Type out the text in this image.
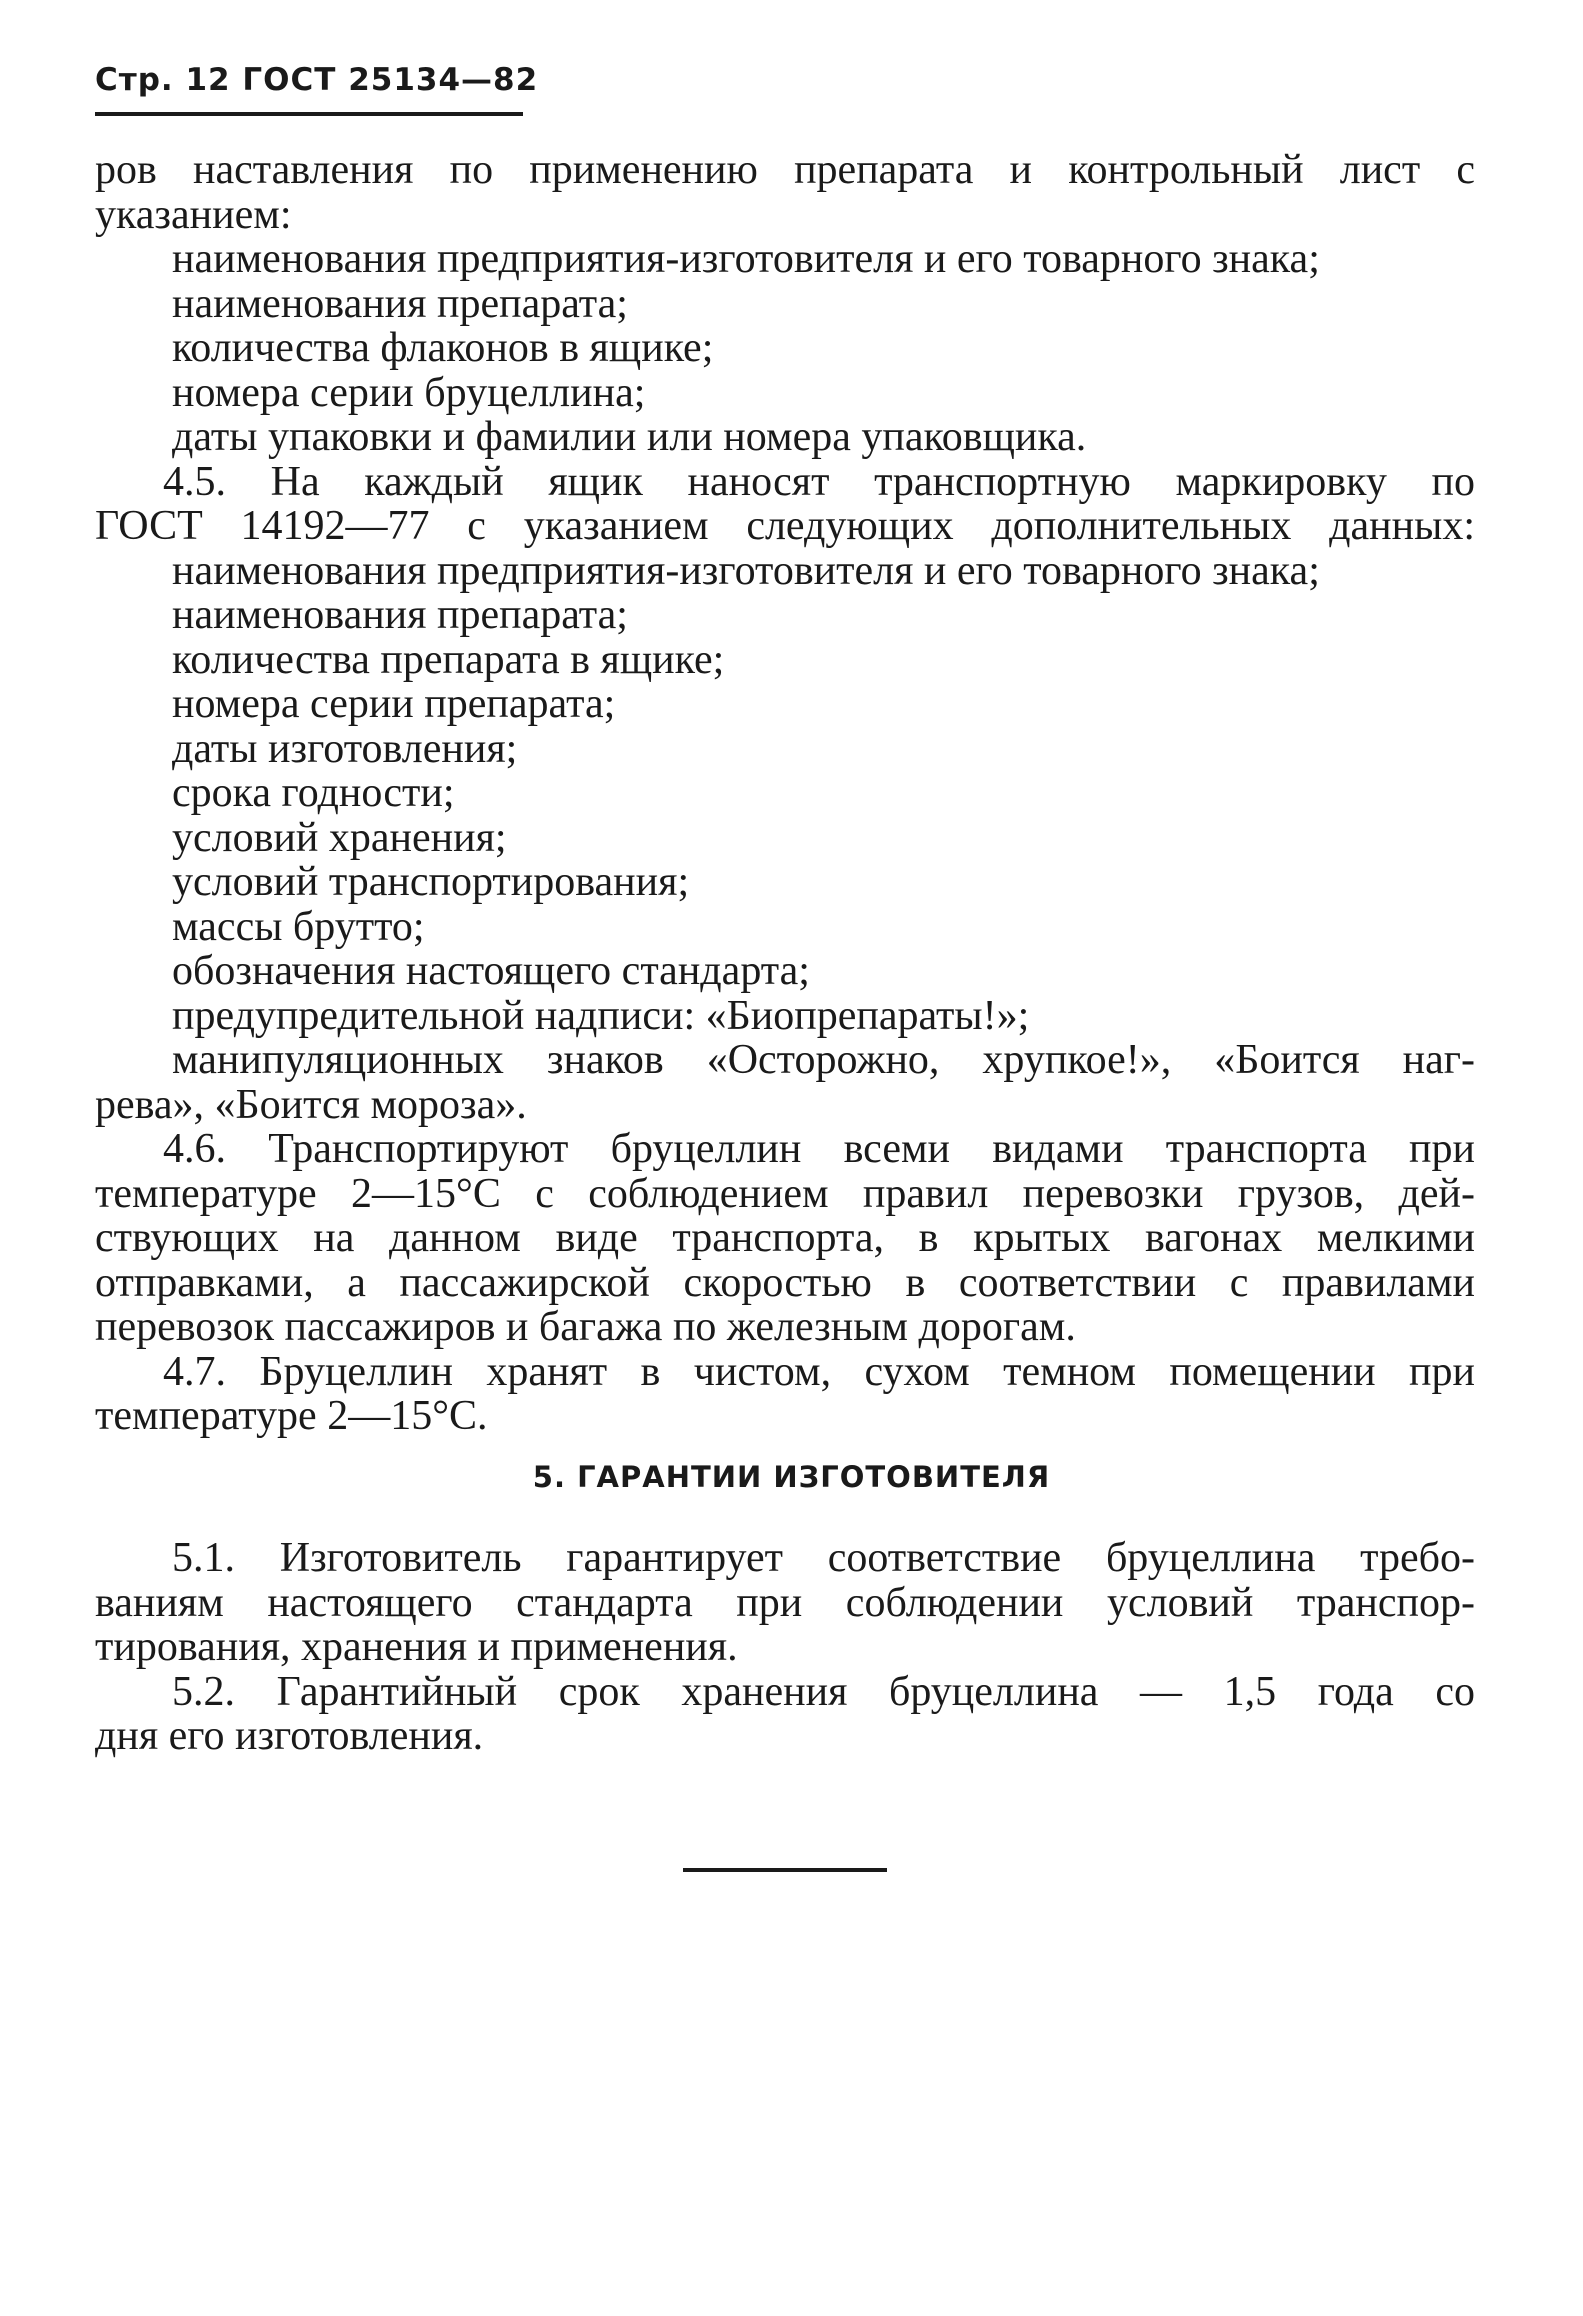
Стр. 12 ГОСТ 25134—82
ров наставления по применению препарата и контрольный лист с
указанием:
наименования предприятия-изготовителя и его товарного знака;
наименования препарата;
количества флаконов в ящике;
номера серии бруцеллина;
даты упаковки и фамилии или номера упаковщика.
4.5. На каждый ящик наносят транспортную маркировку по
ГОСТ 14192—77 с указанием следующих дополнительных данных:
наименования предприятия-изготовителя и его товарного знака;
наименования препарата;
количества препарата в ящике;
номера серии препарата;
даты изготовления;
срока годности;
условий хранения;
условий транспортирования;
массы брутто;
обозначения настоящего стандарта;
предупредительной надписи: «Биопрепараты!»;
манипуляционных знаков «Осторожно, хрупкое!», «Боится наг-
рева», «Боится мороза».
4.6. Транспортируют бруцеллин всеми видами транспорта при
температуре 2—15°С с соблюдением правил перевозки грузов, дей-
ствующих на данном виде транспорта, в крытых вагонах мелкими
отправками, а пассажирской скоростью в соответствии с правилами
перевозок пассажиров и багажа по железным дорогам.
4.7. Бруцеллин хранят в чистом, сухом темном помещении при
температуре 2—15°С.
5. ГАРАНТИИ ИЗГОТОВИТЕЛЯ
5.1. Изготовитель гарантирует соответствие бруцеллина требо-
ваниям настоящего стандарта при соблюдении условий транспор-
тирования, хранения и применения.
5.2. Гарантийный срок хранения бруцеллина — 1,5 года со
дня его изготовления.
